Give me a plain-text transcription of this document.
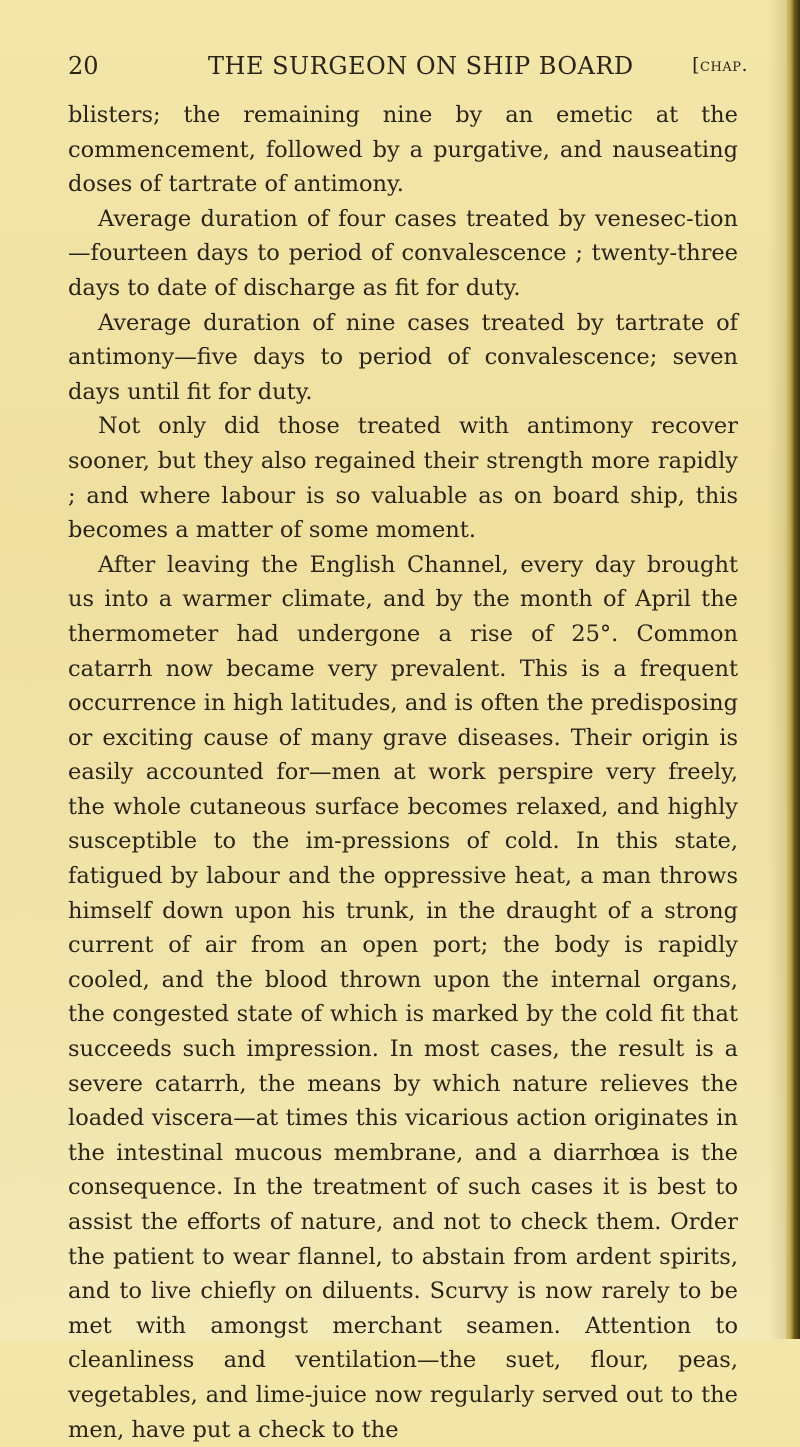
20	THE SURGEON ON SHIP BOARD	[chap.

blisters; the remaining nine by an emetic at the commencement, followed by a purgative, and nauseating doses of tartrate of antimony.

Average duration of four cases treated by venesec-tion—fourteen days to period of convalescence ; twenty-three days to date of discharge as fit for duty.

Average duration of nine cases treated by tartrate of antimony—five days to period of convalescence; seven days until fit for duty.

Not only did those treated with antimony recover sooner, but they also regained their strength more rapidly ; and where labour is so valuable as on board ship, this becomes a matter of some moment.

After leaving the English Channel, every day brought us into a warmer climate, and by the month of April the thermometer had undergone a rise of 25°. Common catarrh now became very prevalent. This is a frequent occurrence in high latitudes, and is often the predisposing or exciting cause of many grave diseases. Their origin is easily accounted for—men at work perspire very freely, the whole cutaneous surface becomes relaxed, and highly susceptible to the im-pressions of cold. In this state, fatigued by labour and the oppressive heat, a man throws himself down upon his trunk, in the draught of a strong current of air from an open port; the body is rapidly cooled, and the blood thrown upon the internal organs, the congested state of which is marked by the cold fit that succeeds such impression. In most cases, the result is a severe catarrh, the means by which nature relieves the loaded viscera—at times this vicarious action originates in the intestinal mucous membrane, and a diarrhœa is the consequence. In the treatment of such cases it is best to assist the efforts of nature, and not to check them. Order the patient to wear flannel, to abstain from ardent spirits, and to live chiefly on diluents. Scurvy is now rarely to be met with amongst merchant seamen. Attention to cleanliness and ventilation—the suet, flour, peas, vegetables, and lime-juice now regularly served out to the men, have put a check to the
